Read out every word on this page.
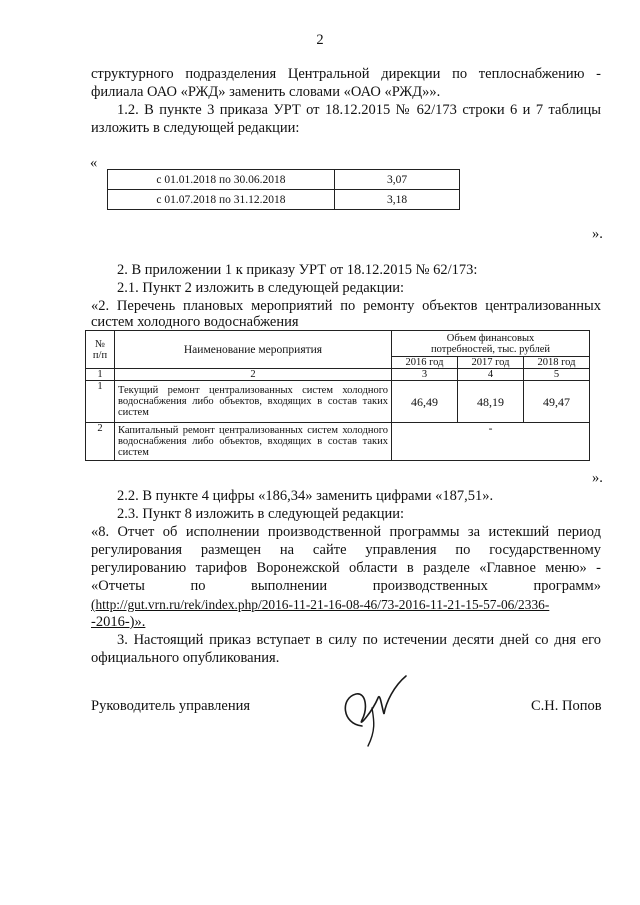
2
структурного подразделения Центральной дирекции по теплоснабжению -
филиала ОАО «РЖД» заменить словами «ОАО «РЖД»».
1.2. В пункте 3 приказа УРТ от 18.12.2015 № 62/173 строки 6 и 7 таблицы
изложить в следующей редакции:
«
с 01.01.2018 по 30.06.2018	3,07
с 01.07.2018 по 31.12.2018	3,18
».
2. В приложении 1 к приказу УРТ от 18.12.2015 № 62/173:
2.1. Пункт 2 изложить в следующей редакции:
«2. Перечень плановых мероприятий по ремонту объектов централизованных
систем холодного водоснабжения
№
п/п	Наименование мероприятия	Объем финансовых
потребностей, тыс. рублей		
		2016 год	2017 год	2018 год
1	2	3	4	5
1	Текущий ремонт централизованных систем холодного водоснабжения либо объектов, входящих в состав таких систем	46,49	48,19	49,47
2	Капитальный ремонт централизованных систем холодного водоснабжения либо объектов, входящих в состав таких систем	-		
».
2.2. В пункте 4 цифры «186,34» заменить цифрами «187,51».
2.3. Пункт 8 изложить в следующей редакции:
«8. Отчет об исполнении производственной программы за истекший период
регулирования размещен на сайте управления по государственному
регулированию тарифов Воронежской области в разделе «Главное меню» -
«Отчеты по выполнении производственных программ»
(http://gut.vrn.ru/rek/index.php/2016-11-21-16-08-46/73-2016-11-21-15-57-06/2336-
-2016-)».
3. Настоящий приказ вступает в силу по истечении десяти дней со дня его
официального опубликования.
Руководитель управления	С.Н. Попов
